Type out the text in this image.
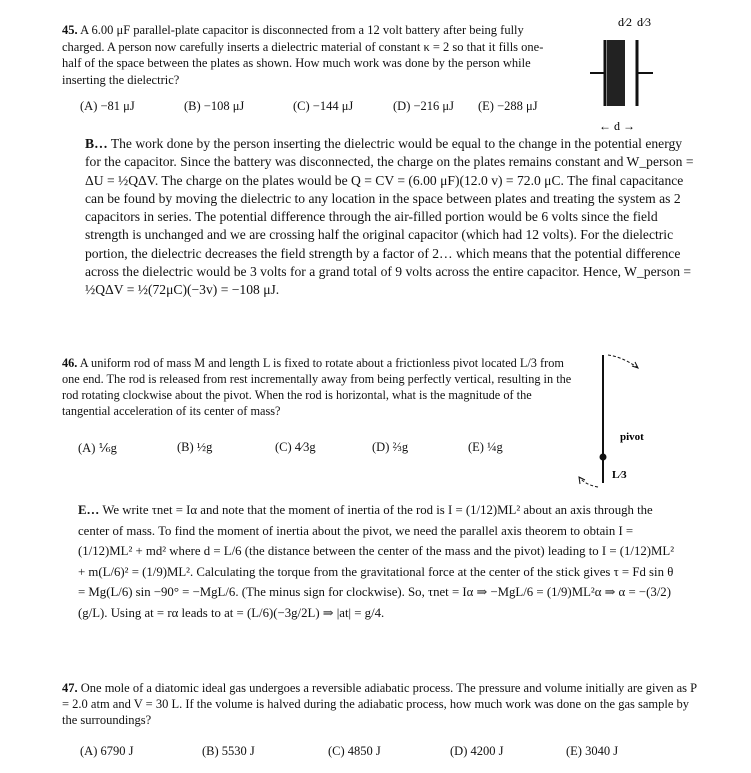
45. A 6.00 μF parallel-plate capacitor is disconnected from a 12 volt battery after being fully charged. A person now carefully inserts a dielectric material of constant κ = 2 so that it fills one-half of the space between the plates as shown. How much work was done by the person while inserting the dielectric?
(A) −81 μJ	(B) −108 μJ	(C) −144 μJ	(D) −216 μJ (E) −288 μJ
d⁄2 d⁄3
← d →
B… The work done by the person inserting the dielectric would be equal to the change in the potential energy for the capacitor. Since the battery was disconnected, the charge on the plates remains constant and W_person = ΔU = ½QΔV. The charge on the plates would be Q = CV = (6.00 μF)(12.0 v) = 72.0 μC. The final capacitance can be found by moving the dielectric to any location in the space between plates and treating the system as 2 capacitors in series. The potential difference through the air-filled portion would be 6 volts since the field strength is unchanged and we are crossing half the original capacitor (which had 12 volts). For the dielectric portion, the dielectric decreases the field strength by a factor of 2… which means that the potential difference across the dielectric would be 3 volts for a grand total of 9 volts across the entire capacitor. Hence, W_person = ½QΔV = ½(72μC)(−3v) = −108 μJ.
46. A uniform rod of mass M and length L is fixed to rotate about a frictionless pivot located L/3 from one end. The rod is released from rest incrementally away from being perfectly vertical, resulting in the rod rotating clockwise about the pivot. When the rod is horizontal, what is the magnitude of the tangential acceleration of its center of mass?
(A) ⅙g	(B) ½g	(C) 4⁄3g	(D) ⅔g	(E) ¼g
pivot
L⁄3
E… We write τnet = Iα and note that the moment of inertia of the rod is I = (1/12)ML² about an axis through the center of mass. To find the moment of inertia about the pivot, we need the parallel axis theorem to obtain I = (1/12)ML² + md² where d = L/6 (the distance between the center of the mass and the pivot) leading to I = (1/12)ML² + m(L/6)² = (1/9)ML². Calculating the torque from the gravitational force at the center of the stick gives τ = Fd sin θ = Mg(L/6) sin −90° = −MgL/6. (The minus sign for clockwise). So, τnet = Iα ⇒ −MgL/6 = (1/9)ML²α ⇒ α = −(3/2)(g/L). Using at = rα leads to at = (L/6)(−3g/2L) ⇒ |at| = g/4.
47. One mole of a diatomic ideal gas undergoes a reversible adiabatic process. The pressure and volume initially are given as P = 2.0 atm and V = 30 L. If the volume is halved during the adiabatic process, how much work was done on the gas sample by the surroundings?
(A) 6790 J	(B) 5530 J	(C) 4850 J	(D) 4200 J	(E) 3040 J
